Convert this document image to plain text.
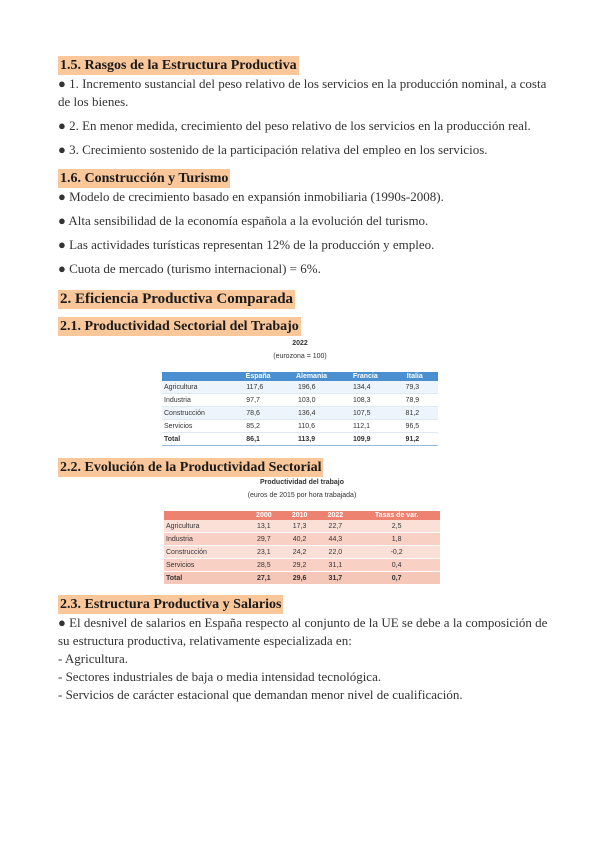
1.5. Rasgos de la Estructura Productiva

● 1. Incremento sustancial del peso relativo de los servicios en la producción nominal, a costa de los bienes.

● 2. En menor medida, crecimiento del peso relativo de los servicios en la producción real.

● 3. Crecimiento sostenido de la participación relativa del empleo en los servicios.

1.6. Construcción y Turismo

● Modelo de crecimiento basado en expansión inmobiliaria (1990s-2008).

● Alta sensibilidad de la economía española a la evolución del turismo.

● Las actividades turísticas representan 12% de la producción y empleo.

● Cuota de mercado (turismo internacional) = 6%.

2. Eficiencia Productiva Comparada
2.1. Productividad Sectorial del Trabajo
2022
(eurozona = 100)
	España	Alemania	Francia	Italia
Agricultura	117,6	196,6	134,4	79,3
Industria	97,7	103,0	108,3	78,9
Construcción	78,6	136,4	107,5	81,2
Servicios	85,2	110,6	112,1	96,5
Total	86,1	113,9	109,9	91,2
2.2. Evolución de la Productividad Sectorial
Productividad del trabajo
(euros de 2015 por hora trabajada)
	2000	2010	2022	Tasas de var.
Agricultura	13,1	17,3	22,7	2,5
Industria	29,7	40,2	44,3	1,8
Construcción	23,1	24,2	22,0	-0,2
Servicios	28,5	29,2	31,1	0,4
Total	27,1	29,6	31,7	0,7
2.3. Estructura Productiva y Salarios

● El desnivel de salarios en España respecto al conjunto de la UE se debe a la composición de su estructura productiva, relativamente especializada en:

- Agricultura.

- Sectores industriales de baja o media intensidad tecnológica.

- Servicios de carácter estacional que demandan menor nivel de cualificación.
